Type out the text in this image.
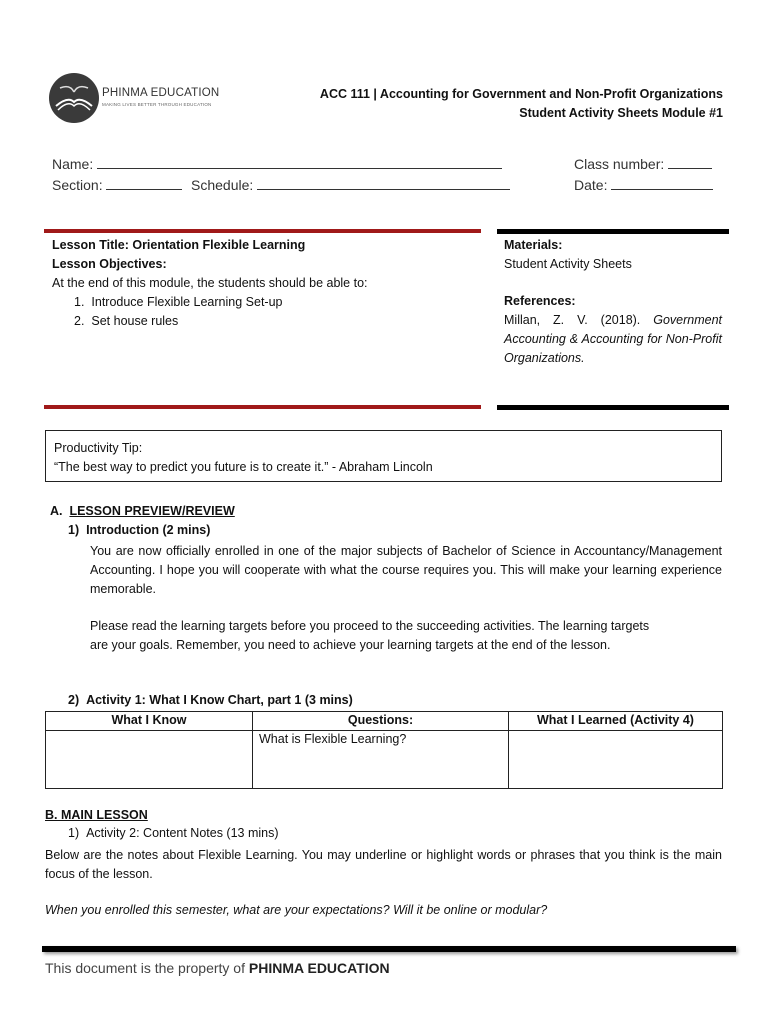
PHINMA EDUCATION
MAKING LIVES BETTER THROUGH EDUCATION
ACC 111 | Accounting for Government and Non-Profit Organizations
Student Activity Sheets Module #1
Name:	Class number:
Section:	Schedule:	Date:
Lesson Title: Orientation Flexible Learning
Lesson Objectives:
At the end of this module, the students should be able to:
1. Introduce Flexible Learning Set-up
2. Set house rules
Materials:
Student Activity Sheets
References:
Millan, Z. V. (2018). Government Accounting & Accounting for Non-Profit Organizations.
Productivity Tip:
“The best way to predict you future is to create it.” - Abraham Lincoln
A. LESSON PREVIEW/REVIEW
1) Introduction (2 mins)

You are now officially enrolled in one of the major subjects of Bachelor of Science in Accountancy/Management Accounting. I hope you will cooperate with what the course requires you. This will make your learning experience memorable.

Please read the learning targets before you proceed to the succeeding activities. The learning targets are your goals. Remember, you need to achieve your learning targets at the end of the lesson.

2) Activity 1: What I Know Chart, part 1 (3 mins)
What I Know	Questions:	What I Learned (Activity 4)
	What is Flexible Learning?	
B. MAIN LESSON
1) Activity 2: Content Notes (13 mins)

Below are the notes about Flexible Learning. You may underline or highlight words or phrases that you think is the main focus of the lesson.

When you enrolled this semester, what are your expectations? Will it be online or modular?

This document is the property of PHINMA EDUCATION
